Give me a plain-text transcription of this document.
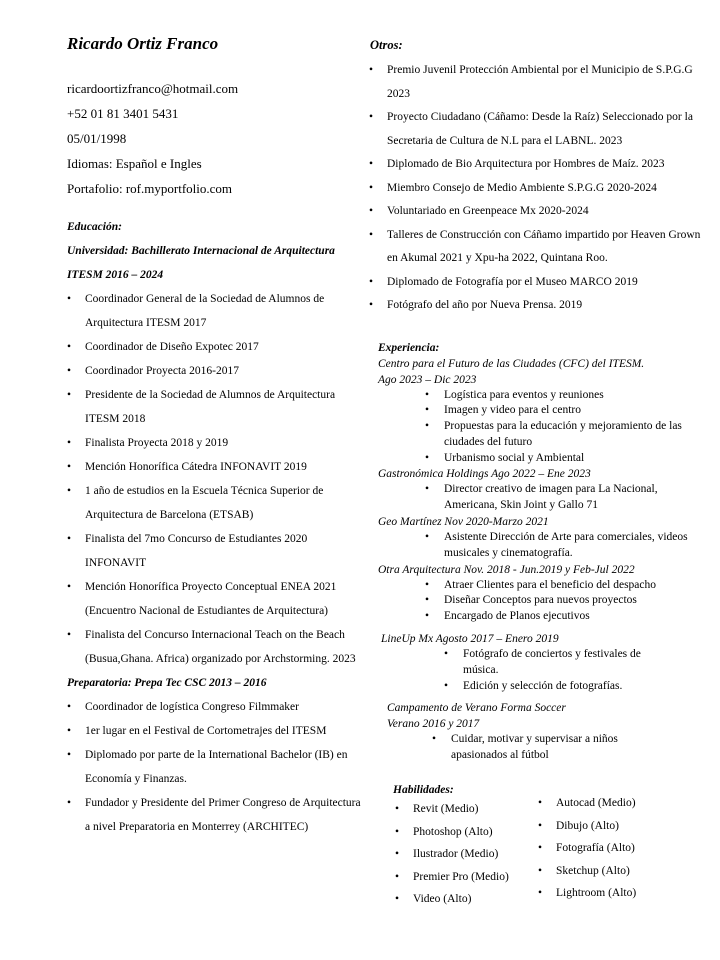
Ricardo Ortiz Franco
ricardoortizfranco@hotmail.com
+52 01 81 3401 5431
05/01/1998
Idiomas: Español e Ingles
Portafolio: rof.myportfolio.com
Educación:
Universidad: Bachillerato Internacional de Arquitectura
ITESM 2016 – 2024
• Coordinador General de la Sociedad de Alumnos de Arquitectura ITESM 2017
• Coordinador de Diseño Expotec 2017
• Coordinador Proyecta 2016-2017
• Presidente de la Sociedad de Alumnos de Arquitectura ITESM 2018
• Finalista Proyecta 2018 y 2019
• Mención Honorífica Cátedra INFONAVIT 2019
• 1 año de estudios en la Escuela Técnica Superior de Arquitectura de Barcelona (ETSAB)
• Finalista del 7mo Concurso de Estudiantes 2020 INFONAVIT
• Mención Honorífica Proyecto Conceptual ENEA 2021 (Encuentro Nacional de Estudiantes de Arquitectura)
• Finalista del Concurso Internacional Teach on the Beach (Busua,Ghana. Africa) organizado por Archstorming. 2023
Preparatoria: Prepa Tec CSC 2013 – 2016
• Coordinador de logística Congreso Filmmaker
• 1er lugar en el Festival de Cortometrajes del ITESM
• Diplomado por parte de la International Bachelor (IB) en Economía y Finanzas.
• Fundador y Presidente del Primer Congreso de Arquitectura a nivel Preparatoria en Monterrey (ARCHITEC)
Otros:
• Premio Juvenil Protección Ambiental por el Municipio de S.P.G.G 2023
• Proyecto Ciudadano (Cáñamo: Desde la Raíz) Seleccionado por la Secretaria de Cultura de N.L para el LABNL. 2023
• Diplomado de Bio Arquitectura por Hombres de Maíz. 2023
• Miembro Consejo de Medio Ambiente S.P.G.G 2020-2024
• Voluntariado en Greenpeace Mx 2020-2024
• Talleres de Construcción con Cáñamo impartido por Heaven Grown en Akumal 2021 y Xpu-ha 2022, Quintana Roo.
• Diplomado de Fotografía por el Museo MARCO 2019
• Fotógrafo del año por Nueva Prensa. 2019
Experiencia:
Centro para el Futuro de las Ciudades (CFC) del ITESM.
Ago 2023 – Dic 2023
• Logística para eventos y reuniones
• Imagen y video para el centro
• Propuestas para la educación y mejoramiento de las ciudades del futuro
• Urbanismo social y Ambiental
Gastronómica Holdings Ago 2022 – Ene 2023
• Director creativo de imagen para La Nacional, Americana, Skin Joint y Gallo 71
Geo Martínez Nov 2020-Marzo 2021
• Asistente Dirección de Arte para comerciales, videos musicales y cinematografía.
Otra Arquitectura Nov. 2018 - Jun.2019 y Feb-Jul 2022
• Atraer Clientes para el beneficio del despacho
• Diseñar Conceptos para nuevos proyectos
• Encargado de Planos ejecutivos
LineUp Mx Agosto 2017 – Enero 2019
• Fotógrafo de conciertos y festivales de música.
• Edición y selección de fotografías.
Campamento de Verano Forma Soccer
Verano 2016 y 2017
• Cuidar, motivar y supervisar a niños apasionados al fútbol
Habilidades:
• Revit (Medio)
• Photoshop (Alto)
• Ilustrador (Medio)
• Premier Pro (Medio)
• Video (Alto)
• Autocad (Medio)
• Dibujo (Alto)
• Fotografía (Alto)
• Sketchup (Alto)
• Lightroom (Alto)
